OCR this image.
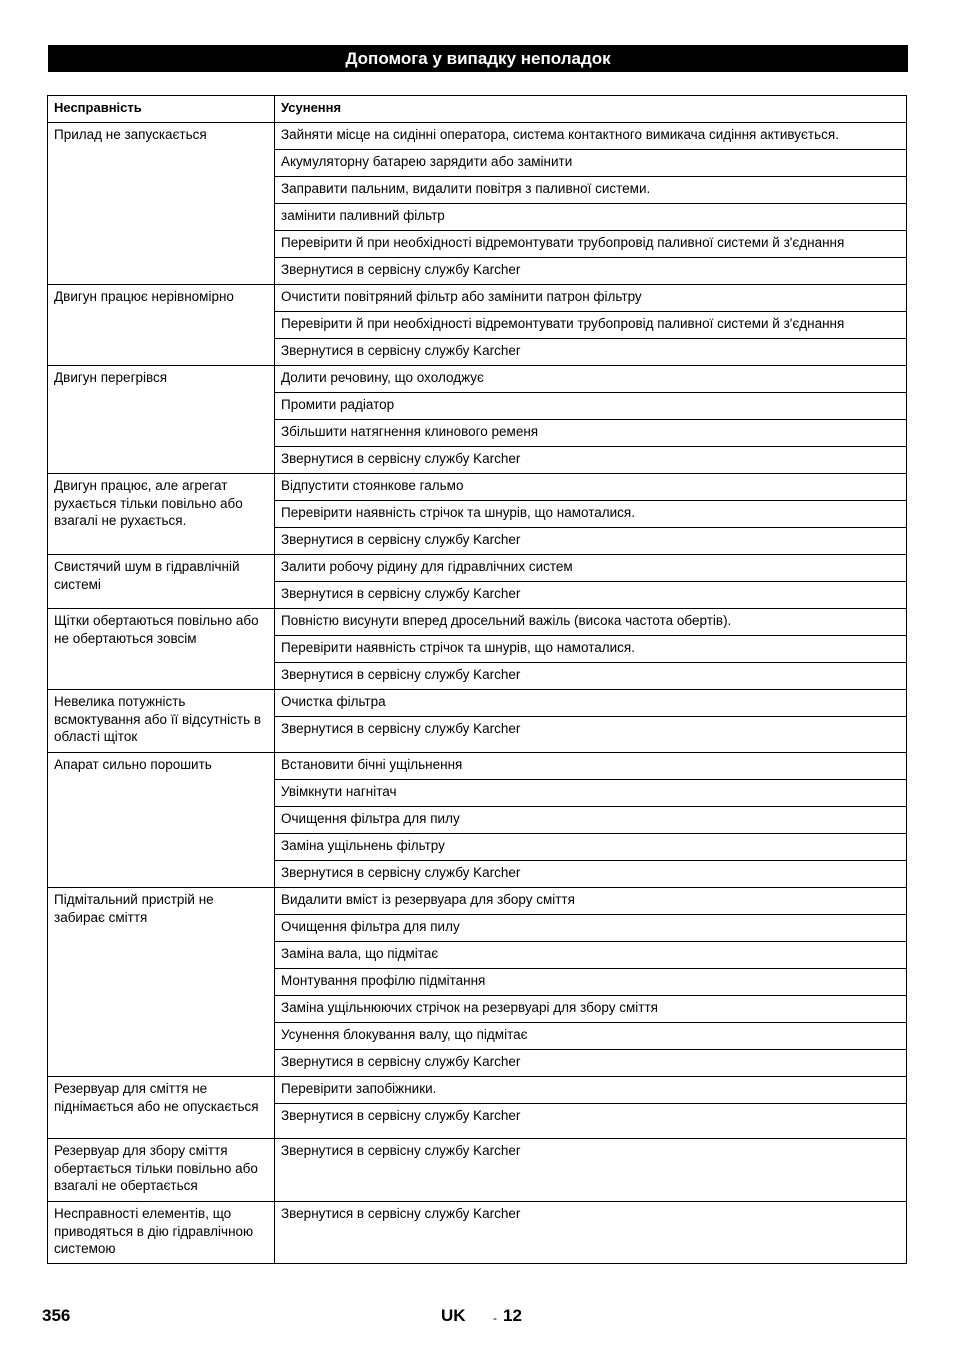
Допомога у випадку неполадок
Несправність	Усунення
Прилад не запускається	Зайняти місце на сидінні оператора, система контактного вимикача сидіння активується.
	Акумуляторну батарею зарядити або замінити
	Заправити пальним, видалити повітря з паливної системи.
	замінити паливний фільтр
	Перевірити й при необхідності відремонтувати трубопровід паливної системи й з'єднання
	Звернутися в сервісну службу Karcher
Двигун працює нерівномірно	Очистити повітряний фільтр або замінити патрон фільтру
	Перевірити й при необхідності відремонтувати трубопровід паливної системи й з'єднання
	Звернутися в сервісну службу Karcher
Двигун перегрівся	Долити речовину, що охолоджує
	Промити радіатор
	Збільшити натягнення клинового ременя
	Звернутися в сервісну службу Karcher
Двигун працює, але агрегат рухається тільки повільно або взагалі не рухається.	Відпустити стоянкове гальмо
	Перевірити наявність стрічок та шнурів, що намоталися.
	Звернутися в сервісну службу Karcher
Свистячий шум в гідравлічній системі	Залити робочу рідину для гідравлічних систем
	Звернутися в сервісну службу Karcher
Щітки обертаються повільно або не обертаються зовсім	Повністю висунути вперед дросельний важіль (висока частота обертів).
	Перевірити наявність стрічок та шнурів, що намоталися.
	Звернутися в сервісну службу Karcher
Невелика потужність всмоктування або її відсутність в області щіток	Очистка фільтра
	Звернутися в сервісну службу Karcher
Апарат сильно порошить	Встановити бічні ущільнення
	Увімкнути нагнітач
	Очищення фільтра для пилу
	Заміна ущільнень фільтру
	Звернутися в сервісну службу Karcher
Підмітальний пристрій не забирає сміття	Видалити вміст із резервуара для збору сміття
	Очищення фільтра для пилу
	Заміна вала, що підмітає
	Монтування профілю підмітання
	Заміна ущільнюючих стрічок на резервуарі для збору сміття
	Усунення блокування валу, що підмітає
	Звернутися в сервісну службу Karcher
Резервуар для сміття не піднімається або не опускається	Перевірити запобіжники.
	Звернутися в сервісну службу Karcher
Резервуар для збору сміття обертається тільки повільно або взагалі не обертається	Звернутися в сервісну службу Karcher
Несправності елементів, що приводяться в дію гідравлічною системою	Звернутися в сервісну службу Karcher
356	UK - 12
